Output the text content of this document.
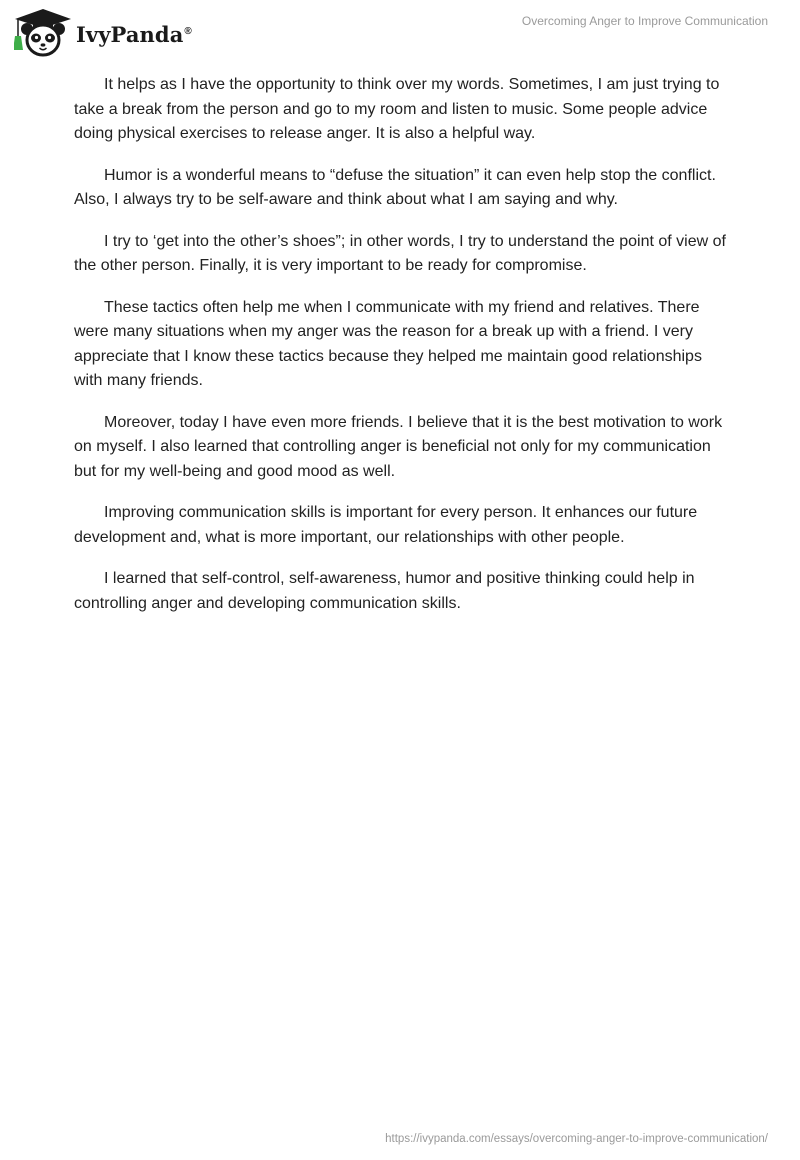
IvyPanda®
Overcoming Anger to Improve Communication

It helps as I have the opportunity to think over my words. Sometimes, I am just trying to take a break from the person and go to my room and listen to music. Some people advice doing physical exercises to release anger. It is also a helpful way.

Humor is a wonderful means to “defuse the situation” it can even help stop the conflict. Also, I always try to be self-aware and think about what I am saying and why.

I try to ‘get into the other’s shoes”; in other words, I try to understand the point of view of the other person. Finally, it is very important to be ready for compromise.

These tactics often help me when I communicate with my friend and relatives. There were many situations when my anger was the reason for a break up with a friend. I very appreciate that I know these tactics because they helped me maintain good relationships with many friends.

Moreover, today I have even more friends. I believe that it is the best motivation to work on myself. I also learned that controlling anger is beneficial not only for my communication but for my well-being and good mood as well.

Improving communication skills is important for every person. It enhances our future development and, what is more important, our relationships with other people.

I learned that self-control, self-awareness, humor and positive thinking could help in controlling anger and developing communication skills.

https://ivypanda.com/essays/overcoming-anger-to-improve-communication/
